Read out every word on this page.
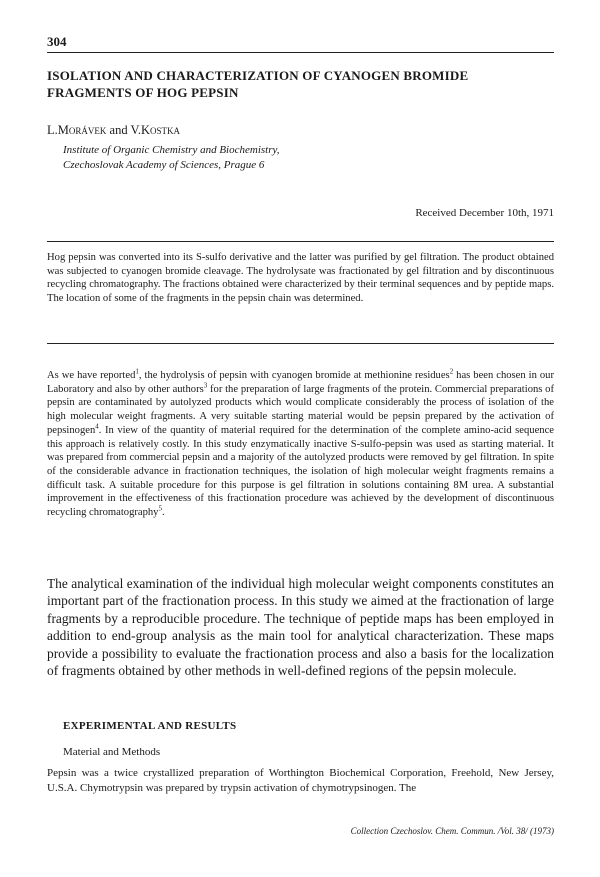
304
ISOLATION AND CHARACTERIZATION OF CYANOGEN BROMIDE
FRAGMENTS OF HOG PEPSIN
L.Morávek and V.Kostka
Institute of Organic Chemistry and Biochemistry,
Czechoslovak Academy of Sciences, Prague 6
Received December 10th, 1971
Hog pepsin was converted into its S-sulfo derivative and the latter was purified by gel filtration. The product obtained was subjected to cyanogen bromide cleavage. The hydrolysate was fractionated by gel filtration and by discontinuous recycling chromatography. The fractions obtained were characterized by their terminal sequences and by peptide maps. The location of some of the fragments in the pepsin chain was determined.
As we have reported$^1$, the hydrolysis of pepsin with cyanogen bromide at methionine residues$^2$ has been chosen in our Laboratory and also by other authors$^3$ for the preparation of large fragments of the protein. Commercial preparations of pepsin are contaminated by autolyzed products which would complicate considerably the process of isolation of the high molecular weight fragments. A very suitable starting material would be pepsin prepared by the activation of pepsinogen$^4$. In view of the quantity of material required for the determination of the complete amino-acid sequence this approach is relatively costly. In this study enzymatically inactive S-sulfo-pepsin was used as starting material. It was prepared from commercial pepsin and a majority of the autolyzed products were removed by gel filtration. In spite of the considerable advance in fractionation techniques, the isolation of high molecular weight fragments remains a difficult task. A suitable procedure for this purpose is gel filtration in solutions containing 8M urea. A substantial improvement in the effectiveness of this fractionation procedure was achieved by the development of discontinuous recycling chromatography$^5$.
The analytical examination of the individual high molecular weight components constitutes an important part of the fractionation process. In this study we aimed at the fractionation of large fragments by a reproducible procedure. The technique of peptide maps has been employed in addition to end-group analysis as the main tool for analytical characterization. These maps provide a possibility to evaluate the fractionation process and also a basis for the localization of fragments obtained by other methods in well-defined regions of the pepsin molecule.
EXPERIMENTAL AND RESULTS
Material and Methods
Pepsin was a twice crystallized preparation of Worthington Biochemical Corporation, Freehold, New Jersey, U.S.A. Chymotrypsin was prepared by trypsin activation of chymotrypsinogen. The
Collection Czechoslov. Chem. Commun. /Vol. 38/ (1973)
